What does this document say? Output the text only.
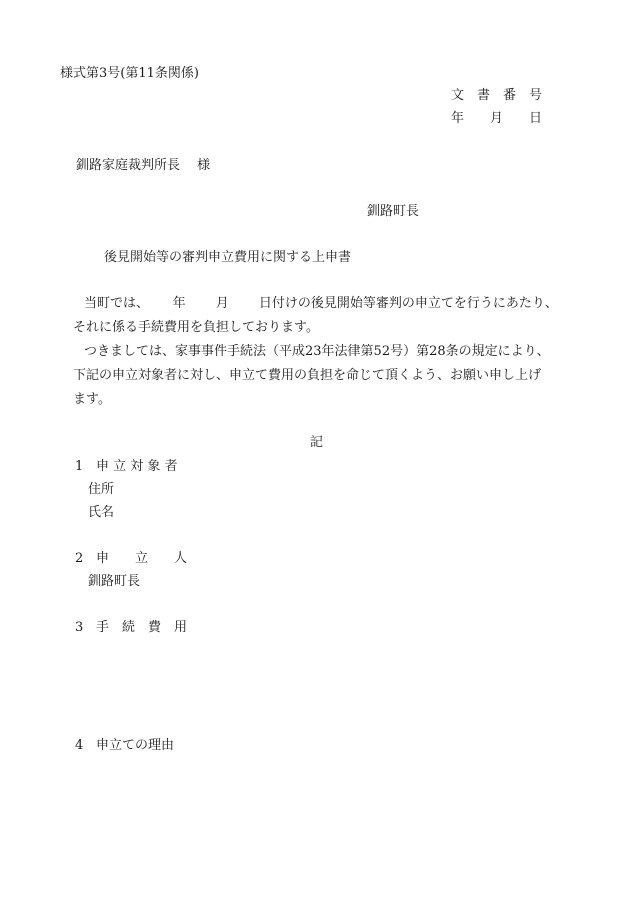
様式第3号(第11条関係)
文　書　番　号
年　　月　　日
釧路家庭裁判所長　 様
釧路町長
後見開始等の審判申立費用に関する上申書
当町では、　　 年　　 月　　 日付けの後見開始等審判の申立てを行うにあたり、
それに係る手続費用を負担しております。
つきましては、家事事件手続法（平成23年法律第52号）第28条の規定により、
下記の申立対象者に対し、申立て費用の負担を命じて頂くよう、お願い申し上げ
ます。
記
1 申 立 対 象 者
住所
氏名
2 申　　立　　人
釧路町長
3 手　続　費　用
4 申立ての理由
